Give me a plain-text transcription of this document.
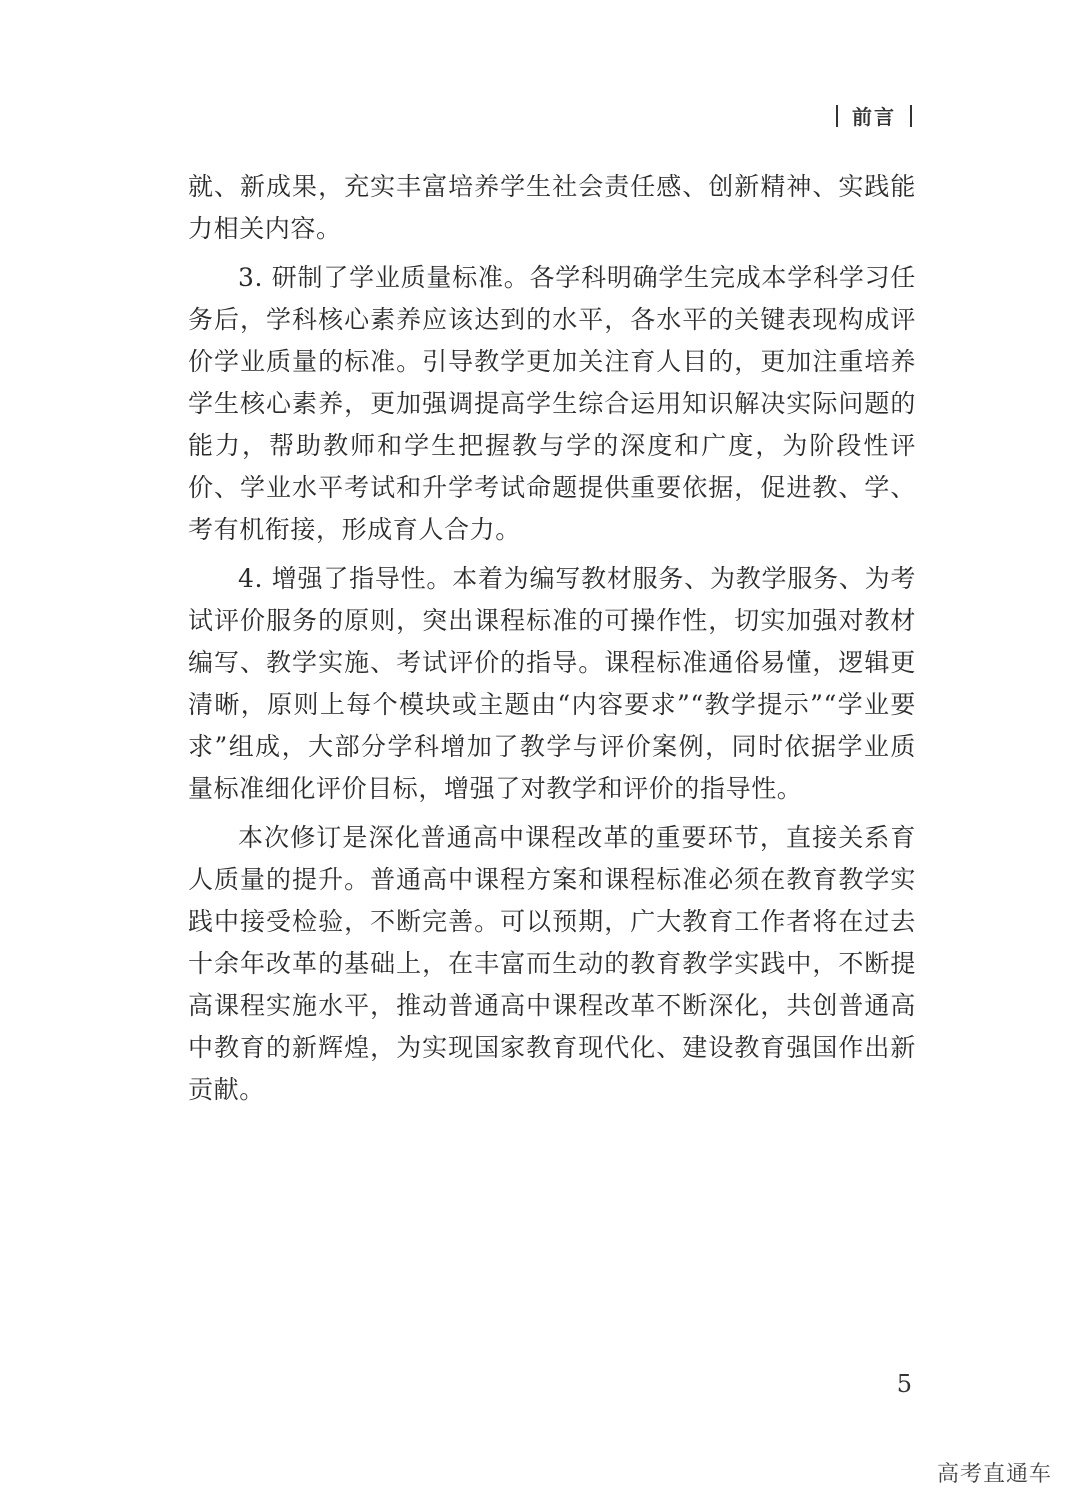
前言

就、新成果，充实丰富培养学生社会责任感、创新精神、实践能力相关内容。

3. 研制了学业质量标准。各学科明确学生完成本学科学习任务后，学科核心素养应该达到的水平，各水平的关键表现构成评价学业质量的标准。引导教学更加关注育人目的，更加注重培养学生核心素养，更加强调提高学生综合运用知识解决实际问题的能力，帮助教师和学生把握教与学的深度和广度，为阶段性评价、学业水平考试和升学考试命题提供重要依据，促进教、学、考有机衔接，形成育人合力。

4. 增强了指导性。本着为编写教材服务、为教学服务、为考试评价服务的原则，突出课程标准的可操作性，切实加强对教材编写、教学实施、考试评价的指导。课程标准通俗易懂，逻辑更清晰，原则上每个模块或主题由“内容要求”“教学提示”“学业要求”组成，大部分学科增加了教学与评价案例，同时依据学业质量标准细化评价目标，增强了对教学和评价的指导性。

本次修订是深化普通高中课程改革的重要环节，直接关系育人质量的提升。普通高中课程方案和课程标准必须在教育教学实践中接受检验，不断完善。可以预期，广大教育工作者将在过去十余年改革的基础上，在丰富而生动的教育教学实践中，不断提高课程实施水平，推动普通高中课程改革不断深化，共创普通高中教育的新辉煌，为实现国家教育现代化、建设教育强国作出新贡献。

5
高考直通车
